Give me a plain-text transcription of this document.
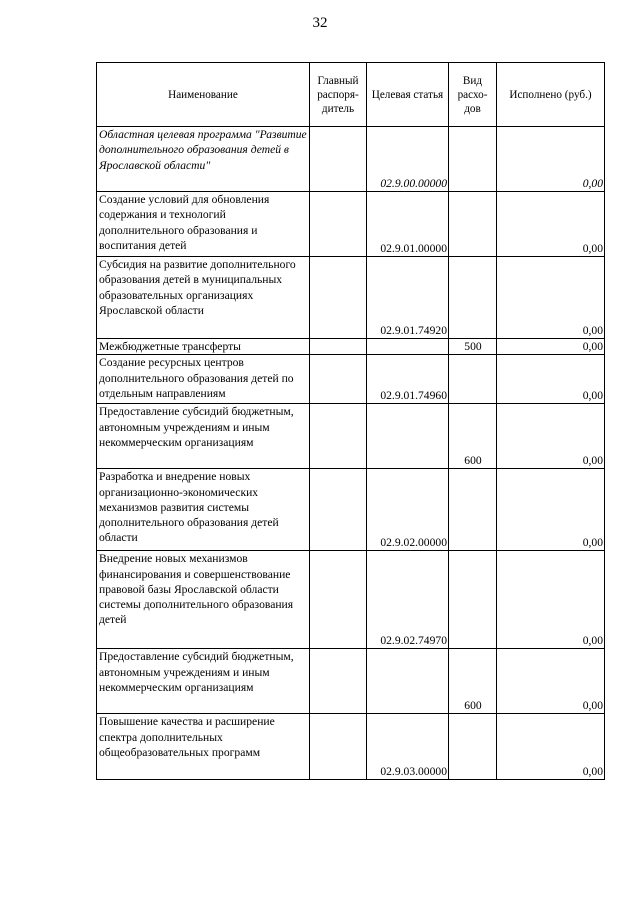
32
Наименование	Главный распоря-дитель	Целевая статья	Вид расхо-дов	Исполнено (руб.)
Областная целевая программа "Развитие дополнительного образования детей в Ярославской области"		02.9.00.00000		0,00
Создание условий для обновления содержания и технологий дополнительного образования и воспитания детей		02.9.01.00000		0,00
Субсидия на развитие дополнительного образования детей в муниципальных образовательных организациях Ярославской области		02.9.01.74920		0,00
Межбюджетные трансферты			500	0,00
Создание ресурсных центров дополнительного образования детей по отдельным направлениям		02.9.01.74960		0,00
Предоставление субсидий бюджетным, автономным учреждениям и иным некоммерческим организациям			600	0,00
Разработка и внедрение новых организационно-экономических механизмов развития системы дополнительного образования детей области		02.9.02.00000		0,00
Внедрение новых механизмов финансирования и совершенствование правовой базы Ярославской области системы дополнительного образования детей		02.9.02.74970		0,00
Предоставление субсидий бюджетным, автономным учреждениям и иным некоммерческим организациям			600	0,00
Повышение качества и расширение спектра дополнительных общеобразовательных программ		02.9.03.00000		0,00
